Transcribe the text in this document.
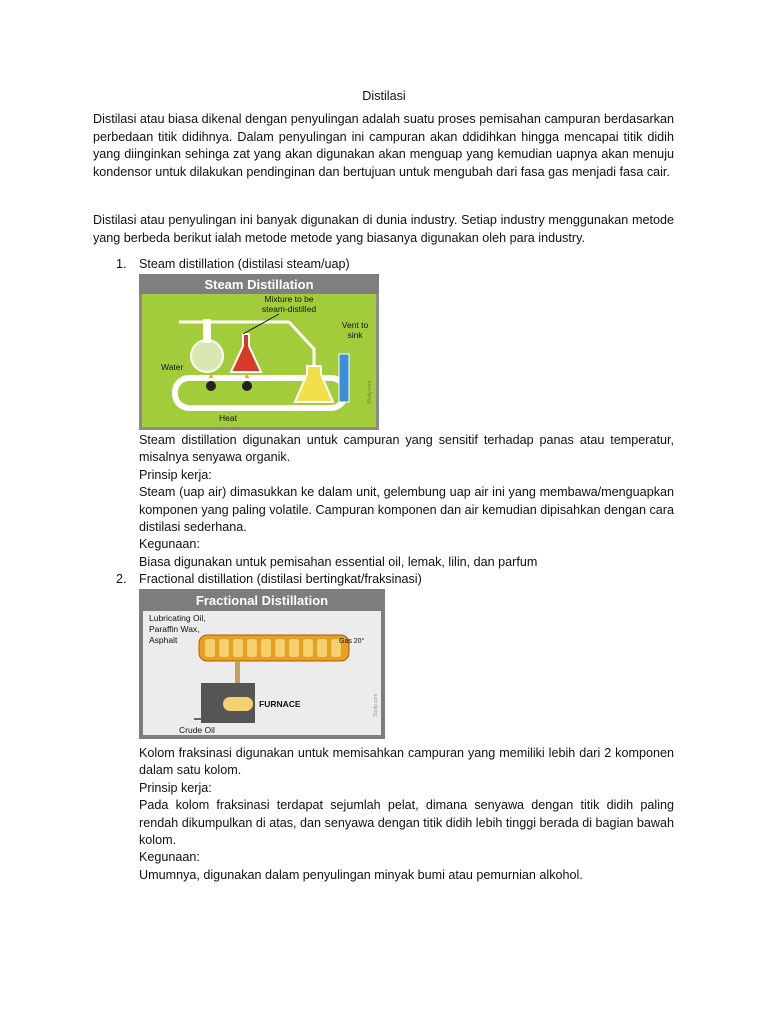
Distilasi

Distilasi atau biasa dikenal dengan penyulingan adalah suatu proses pemisahan campuran berdasarkan perbedaan titik didihnya. Dalam penyulingan ini campuran akan ddidihkan hingga mencapai titik didih yang diinginkan sehinga zat yang akan digunakan akan menguap yang kemudian uapnya akan menuju kondensor untuk dilakukan pendinginan dan bertujuan untuk mengubah dari fasa gas menjadi fasa cair.

Distilasi atau penyulingan ini banyak digunakan di dunia industry. Setiap industry menggunakan metode yang berbeda berikut ialah metode metode yang biasanya digunakan oleh para industry.

1. Steam distillation (distilasi steam/uap)
Steam Distillation
Mixture to be
steam-distilled
Vent to
sink
Water
Heat
Study.com

Steam distillation digunakan untuk campuran yang sensitif terhadap panas atau temperatur, misalnya senyawa organik.

Prinsip kerja:

Steam (uap air) dimasukkan ke dalam unit, gelembung uap air ini yang membawa/menguapkan komponen yang paling volatile. Campuran komponen dan air kemudian dipisahkan dengan cara distilasi sederhana.

Kegunaan:

Biasa digunakan untuk pemisahan essential oil, lemak, lilin, dan parfum

2. Fractional distillation (distilasi bertingkat/fraksinasi)
Fractional Distillation
Lubricating Oil,
Paraffin Wax,
Asphalt	Gas 20°
FURNACE
Crude Oil
Study.com

Kolom fraksinasi digunakan untuk memisahkan campuran yang memiliki lebih dari 2 komponen dalam satu kolom.

Prinsip kerja:

Pada kolom fraksinasi terdapat sejumlah pelat, dimana senyawa dengan titik didih paling rendah dikumpulkan di atas, dan senyawa dengan titik didih lebih tinggi berada di bagian bawah kolom.

Kegunaan:

Umumnya, digunakan dalam penyulingan minyak bumi atau pemurnian alkohol.
